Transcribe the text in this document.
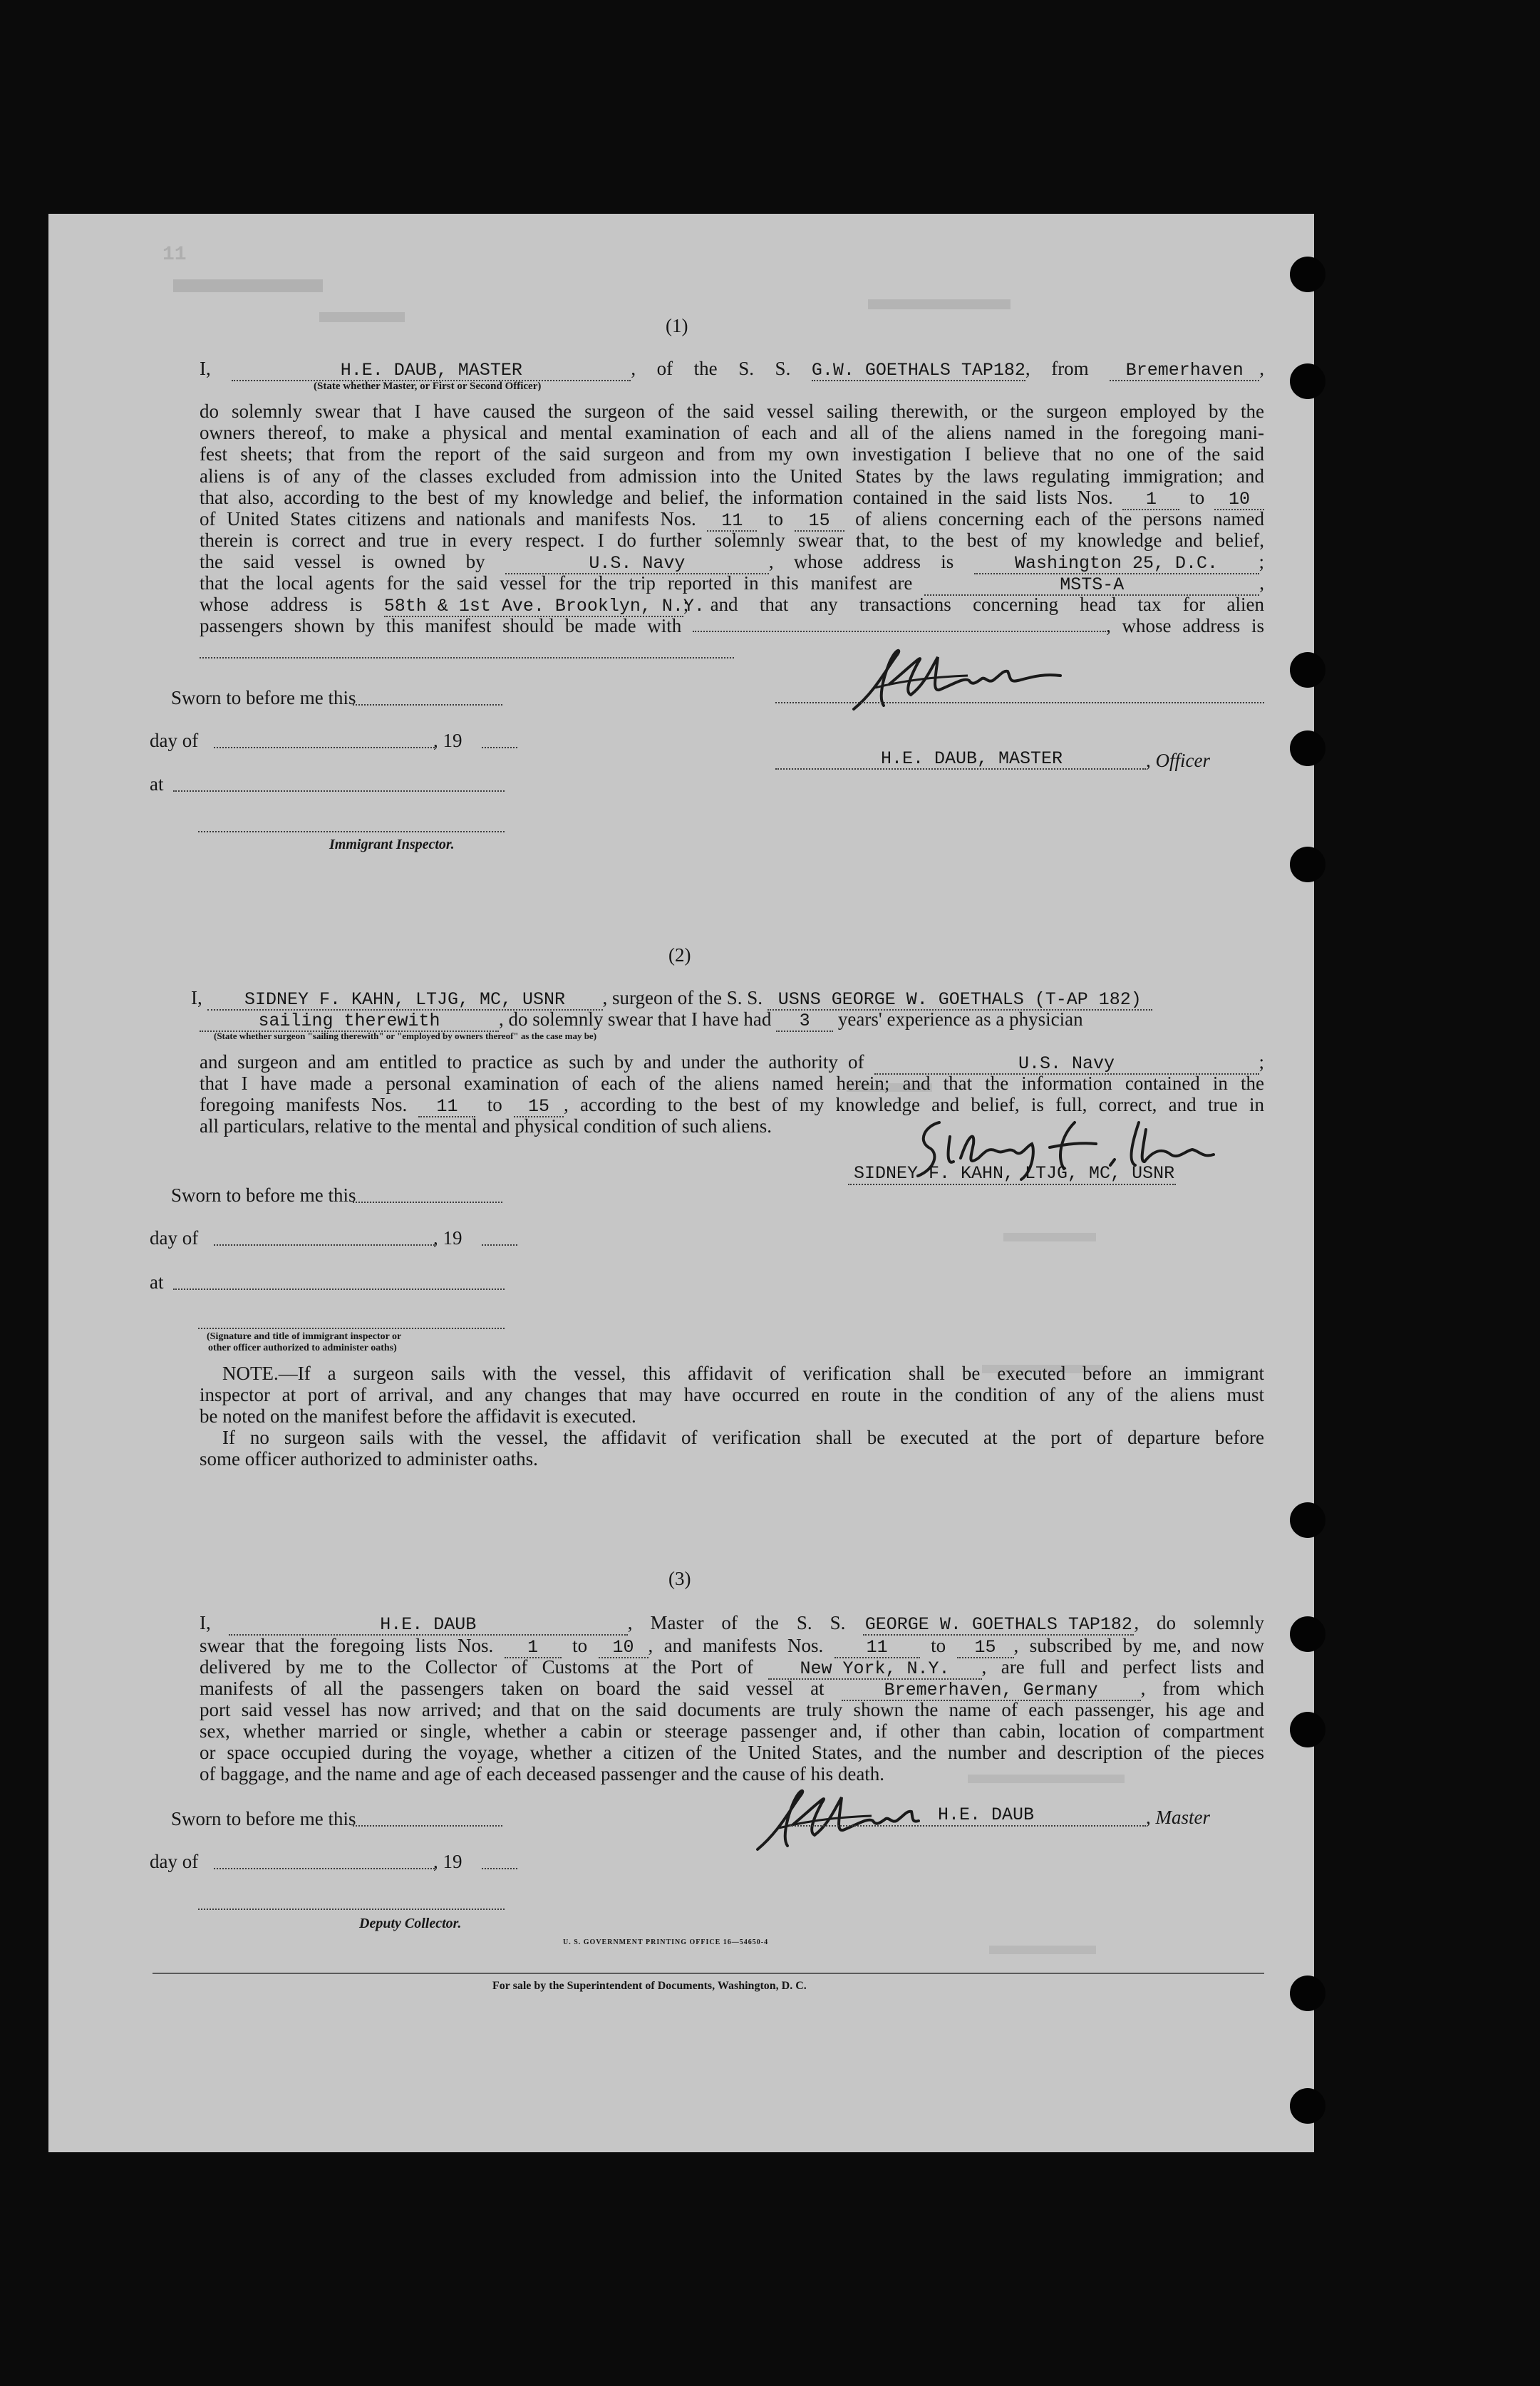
11
(1)
I,	H.E. DAUB, MASTER	, of the S. S. G.W. GOETHALS TAP182, from Bremerhaven ,
(State whether Master, or First or Second Officer)
do solemnly swear that I have caused the surgeon of the said vessel sailing therewith, or the surgeon employed by the
owners thereof, to make a physical and mental examination of each and all of the aliens named in the foregoing mani-
fest sheets; that from the report of the said surgeon and from my own investigation I believe that no one of the said
aliens is of any of the classes excluded from admission into the United States by the laws regulating immigration; and
that also, according to the best of my knowledge and belief, the information contained in the said lists Nos. 1 to 10
of United States citizens and nationals and manifests Nos. 11 to 15 of aliens concerning each of the persons named
therein is correct and true in every respect. I do further solemnly swear that, to the best of my knowledge and belief,
the said vessel is owned by	U.S. Navy	, whose address is	Washington 25, D.C. ;
that the local agents for the said vessel for the trip reported in this manifest are	MSTS-A	,
whose address is 58th & 1st Ave. Brooklyn, N.Y.; and that any transactions concerning head tax for alien
passengers shown by this manifest should be made with	, whose address is
Sworn to before me this
day of	, 19
at
Immigrant Inspector.
H.E. DAUB, MASTER	, Officer
(2)
I, SIDNEY F. KAHN, LTJG, MC, USNR , surgeon of the S. S. USNS GEORGE W. GOETHALS (T-AP 182)
sailing therewith	, do solemnly swear that I have had 3 years' experience as a physician
(State whether surgeon "sailing therewith" or "employed by owners thereof" as the case may be)
and surgeon and am entitled to practice as such by and under the authority of	U.S. Navy	;
that I have made a personal examination of each of the aliens named herein; and that the information contained in the
foregoing manifests Nos. 11 to 15 , according to the best of my knowledge and belief, is full, correct, and true in
all particulars, relative to the mental and physical condition of such aliens.
SIDNEY F. KAHN, LTJG, MC, USNR
Sworn to before me this
day of	, 19
at
(Signature and title of immigrant inspector or
other officer authorized to administer oaths)
NOTE.—If a surgeon sails with the vessel, this affidavit of verification shall be executed before an immigrant
inspector at port of arrival, and any changes that may have occurred en route in the condition of any of the aliens must
be noted on the manifest before the affidavit is executed.
If no surgeon sails with the vessel, the affidavit of verification shall be executed at the port of departure before
some officer authorized to administer oaths.
(3)
I,	H.E. DAUB	, Master of the S. S. GEORGE W. GOETHALS TAP182, do solemnly
swear that the foregoing lists Nos. 1 to 10 , and manifests Nos. 11 to 15 , subscribed by me, and now
delivered by me to the Collector of Customs at the Port of	New York, N.Y. , are full and perfect lists and
manifests of all the passengers taken on board the said vessel at	Bremerhaven, Germany , from which
port said vessel has now arrived; and that on the said documents are truly shown the name of each passenger, his age and
sex, whether married or single, whether a cabin or steerage passenger and, if other than cabin, location of compartment
or space occupied during the voyage, whether a citizen of the United States, and the number and description of the pieces
of baggage, and the name and age of each deceased passenger and the cause of his death.
H.E. DAUB	, Master
Sworn to before me this
day of	, 19
Deputy Collector.
U. S. GOVERNMENT PRINTING OFFICE 16—54650-4
For sale by the Superintendent of Documents, Washington, D. C.
